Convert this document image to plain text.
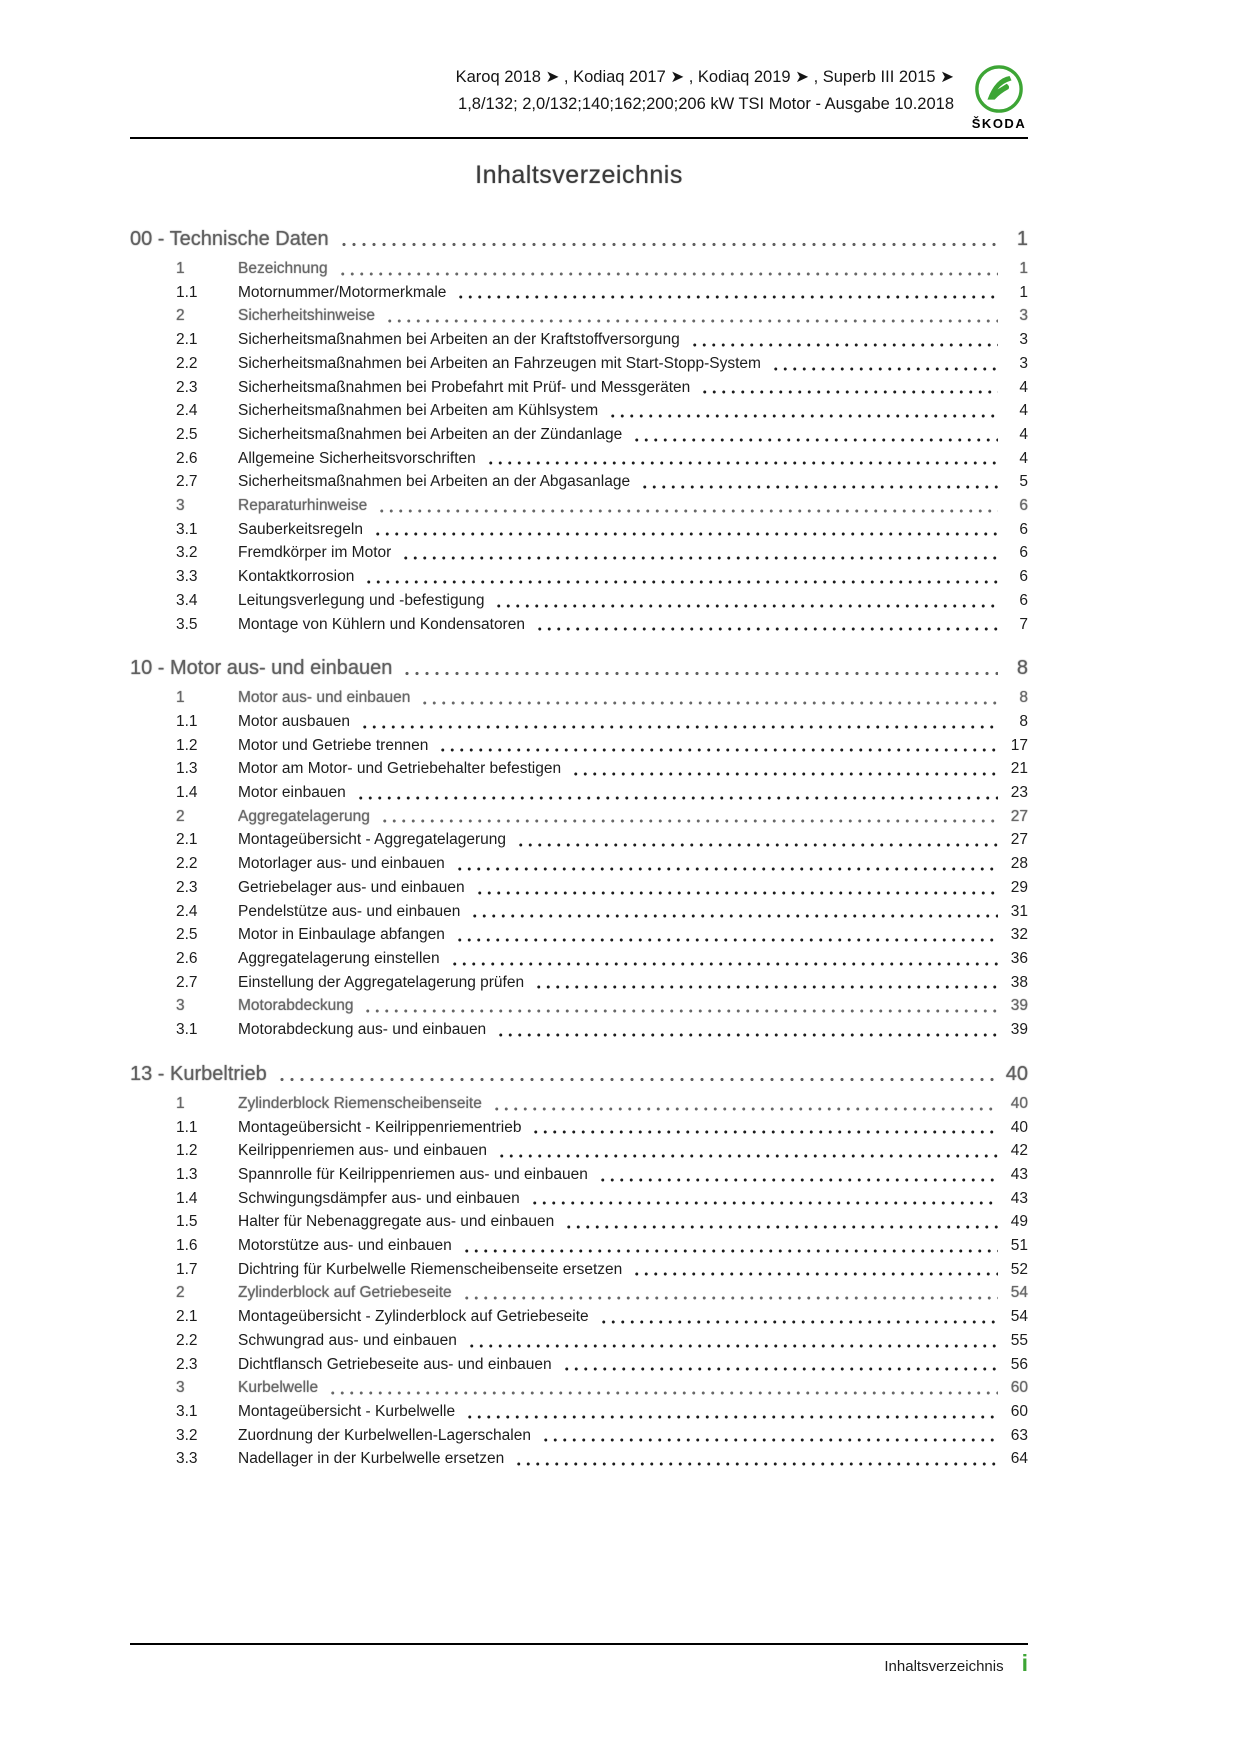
Karoq 2018 ➤ , Kodiaq 2017 ➤ , Kodiaq 2019 ➤ , Superb III 2015 ➤
1,8/132; 2,0/132;140;162;200;206 kW TSI Motor - Ausgabe 10.2018
ŠKODA
Inhaltsverzeichnis
00 - Technische Daten	1
1	Bezeichnung	1
1.1	Motornummer/Motormerkmale	1
2	Sicherheitshinweise	3
2.1	Sicherheitsmaßnahmen bei Arbeiten an der Kraftstoffversorgung	3
2.2	Sicherheitsmaßnahmen bei Arbeiten an Fahrzeugen mit Start-Stopp-System	3
2.3	Sicherheitsmaßnahmen bei Probefahrt mit Prüf- und Messgeräten	4
2.4	Sicherheitsmaßnahmen bei Arbeiten am Kühlsystem	4
2.5	Sicherheitsmaßnahmen bei Arbeiten an der Zündanlage	4
2.6	Allgemeine Sicherheitsvorschriften	4
2.7	Sicherheitsmaßnahmen bei Arbeiten an der Abgasanlage	5
3	Reparaturhinweise	6
3.1	Sauberkeitsregeln	6
3.2	Fremdkörper im Motor	6
3.3	Kontaktkorrosion	6
3.4	Leitungsverlegung und -befestigung	6
3.5	Montage von Kühlern und Kondensatoren	7
10 - Motor aus- und einbauen	8
1	Motor aus- und einbauen	8
1.1	Motor ausbauen	8
1.2	Motor und Getriebe trennen	17
1.3	Motor am Motor- und Getriebehalter befestigen	21
1.4	Motor einbauen	23
2	Aggregatelagerung	27
2.1	Montageübersicht - Aggregatelagerung	27
2.2	Motorlager aus- und einbauen	28
2.3	Getriebelager aus- und einbauen	29
2.4	Pendelstütze aus- und einbauen	31
2.5	Motor in Einbaulage abfangen	32
2.6	Aggregatelagerung einstellen	36
2.7	Einstellung der Aggregatelagerung prüfen	38
3	Motorabdeckung	39
3.1	Motorabdeckung aus- und einbauen	39
13 - Kurbeltrieb	40
1	Zylinderblock Riemenscheibenseite	40
1.1	Montageübersicht - Keilrippenriementrieb	40
1.2	Keilrippenriemen aus- und einbauen	42
1.3	Spannrolle für Keilrippenriemen aus- und einbauen	43
1.4	Schwingungsdämpfer aus- und einbauen	43
1.5	Halter für Nebenaggregate aus- und einbauen	49
1.6	Motorstütze aus- und einbauen	51
1.7	Dichtring für Kurbelwelle Riemenscheibenseite ersetzen	52
2	Zylinderblock auf Getriebeseite	54
2.1	Montageübersicht - Zylinderblock auf Getriebeseite	54
2.2	Schwungrad aus- und einbauen	55
2.3	Dichtflansch Getriebeseite aus- und einbauen	56
3	Kurbelwelle	60
3.1	Montageübersicht - Kurbelwelle	60
3.2	Zuordnung der Kurbelwellen-Lagerschalen	63
3.3	Nadellager in der Kurbelwelle ersetzen	64
Inhaltsverzeichnis i
